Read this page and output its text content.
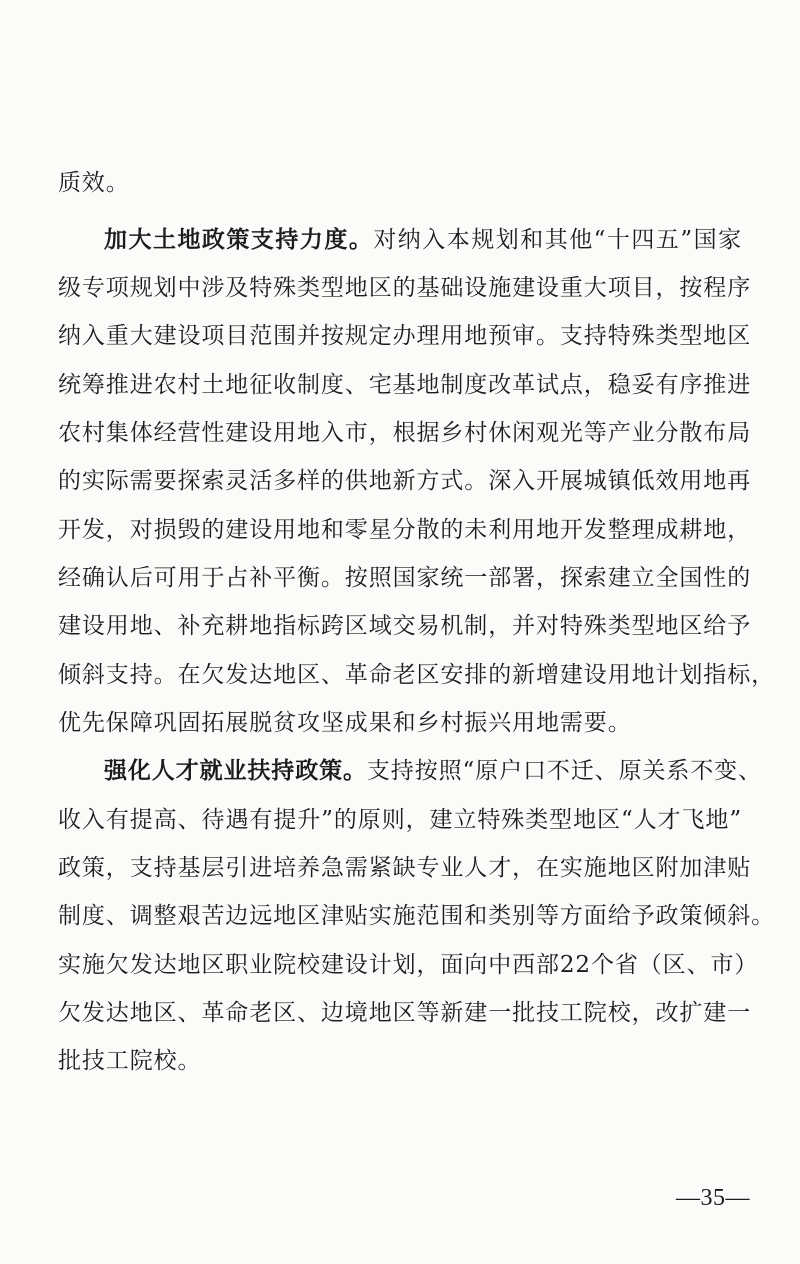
质效。
加大土地政策支持力度。对纳入本规划和其他“十四五”国家
级专项规划中涉及特殊类型地区的基础设施建设重大项目，按程序
纳入重大建设项目范围并按规定办理用地预审。支持特殊类型地区
统筹推进农村土地征收制度、宅基地制度改革试点，稳妥有序推进
农村集体经营性建设用地入市，根据乡村休闲观光等产业分散布局
的实际需要探索灵活多样的供地新方式。深入开展城镇低效用地再
开发，对损毁的建设用地和零星分散的未利用地开发整理成耕地，
经确认后可用于占补平衡。按照国家统一部署，探索建立全国性的
建设用地、补充耕地指标跨区域交易机制，并对特殊类型地区给予
倾斜支持。在欠发达地区、革命老区安排的新增建设用地计划指标，
优先保障巩固拓展脱贫攻坚成果和乡村振兴用地需要。
强化人才就业扶持政策。支持按照“原户口不迁、原关系不变、
收入有提高、待遇有提升”的原则，建立特殊类型地区“人才飞地”
政策，支持基层引进培养急需紧缺专业人才，在实施地区附加津贴
制度、调整艰苦边远地区津贴实施范围和类别等方面给予政策倾斜。
实施欠发达地区职业院校建设计划，面向中西部22个省（区、市）
欠发达地区、革命老区、边境地区等新建一批技工院校，改扩建一
批技工院校。
—35—
